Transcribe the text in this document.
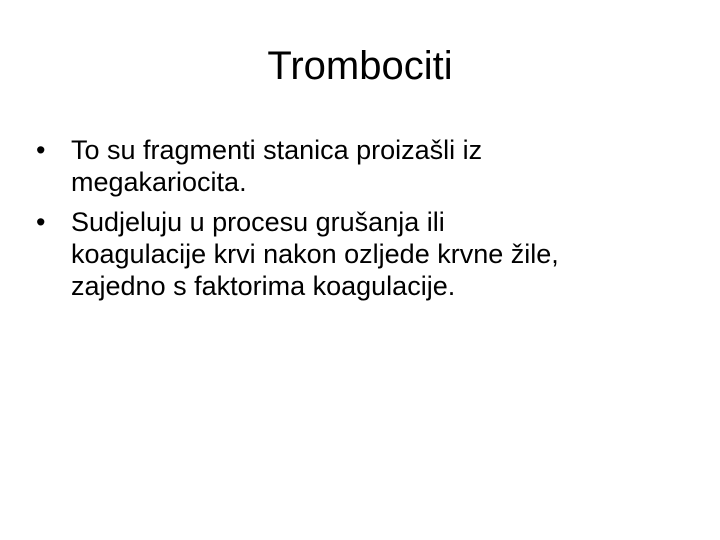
Trombociti
• To su fragmenti stanica proizašli iz
megakariocita.
• Sudjeluju u procesu grušanja ili
koagulacije krvi nakon ozljede krvne žile,
zajedno s faktorima koagulacije.
